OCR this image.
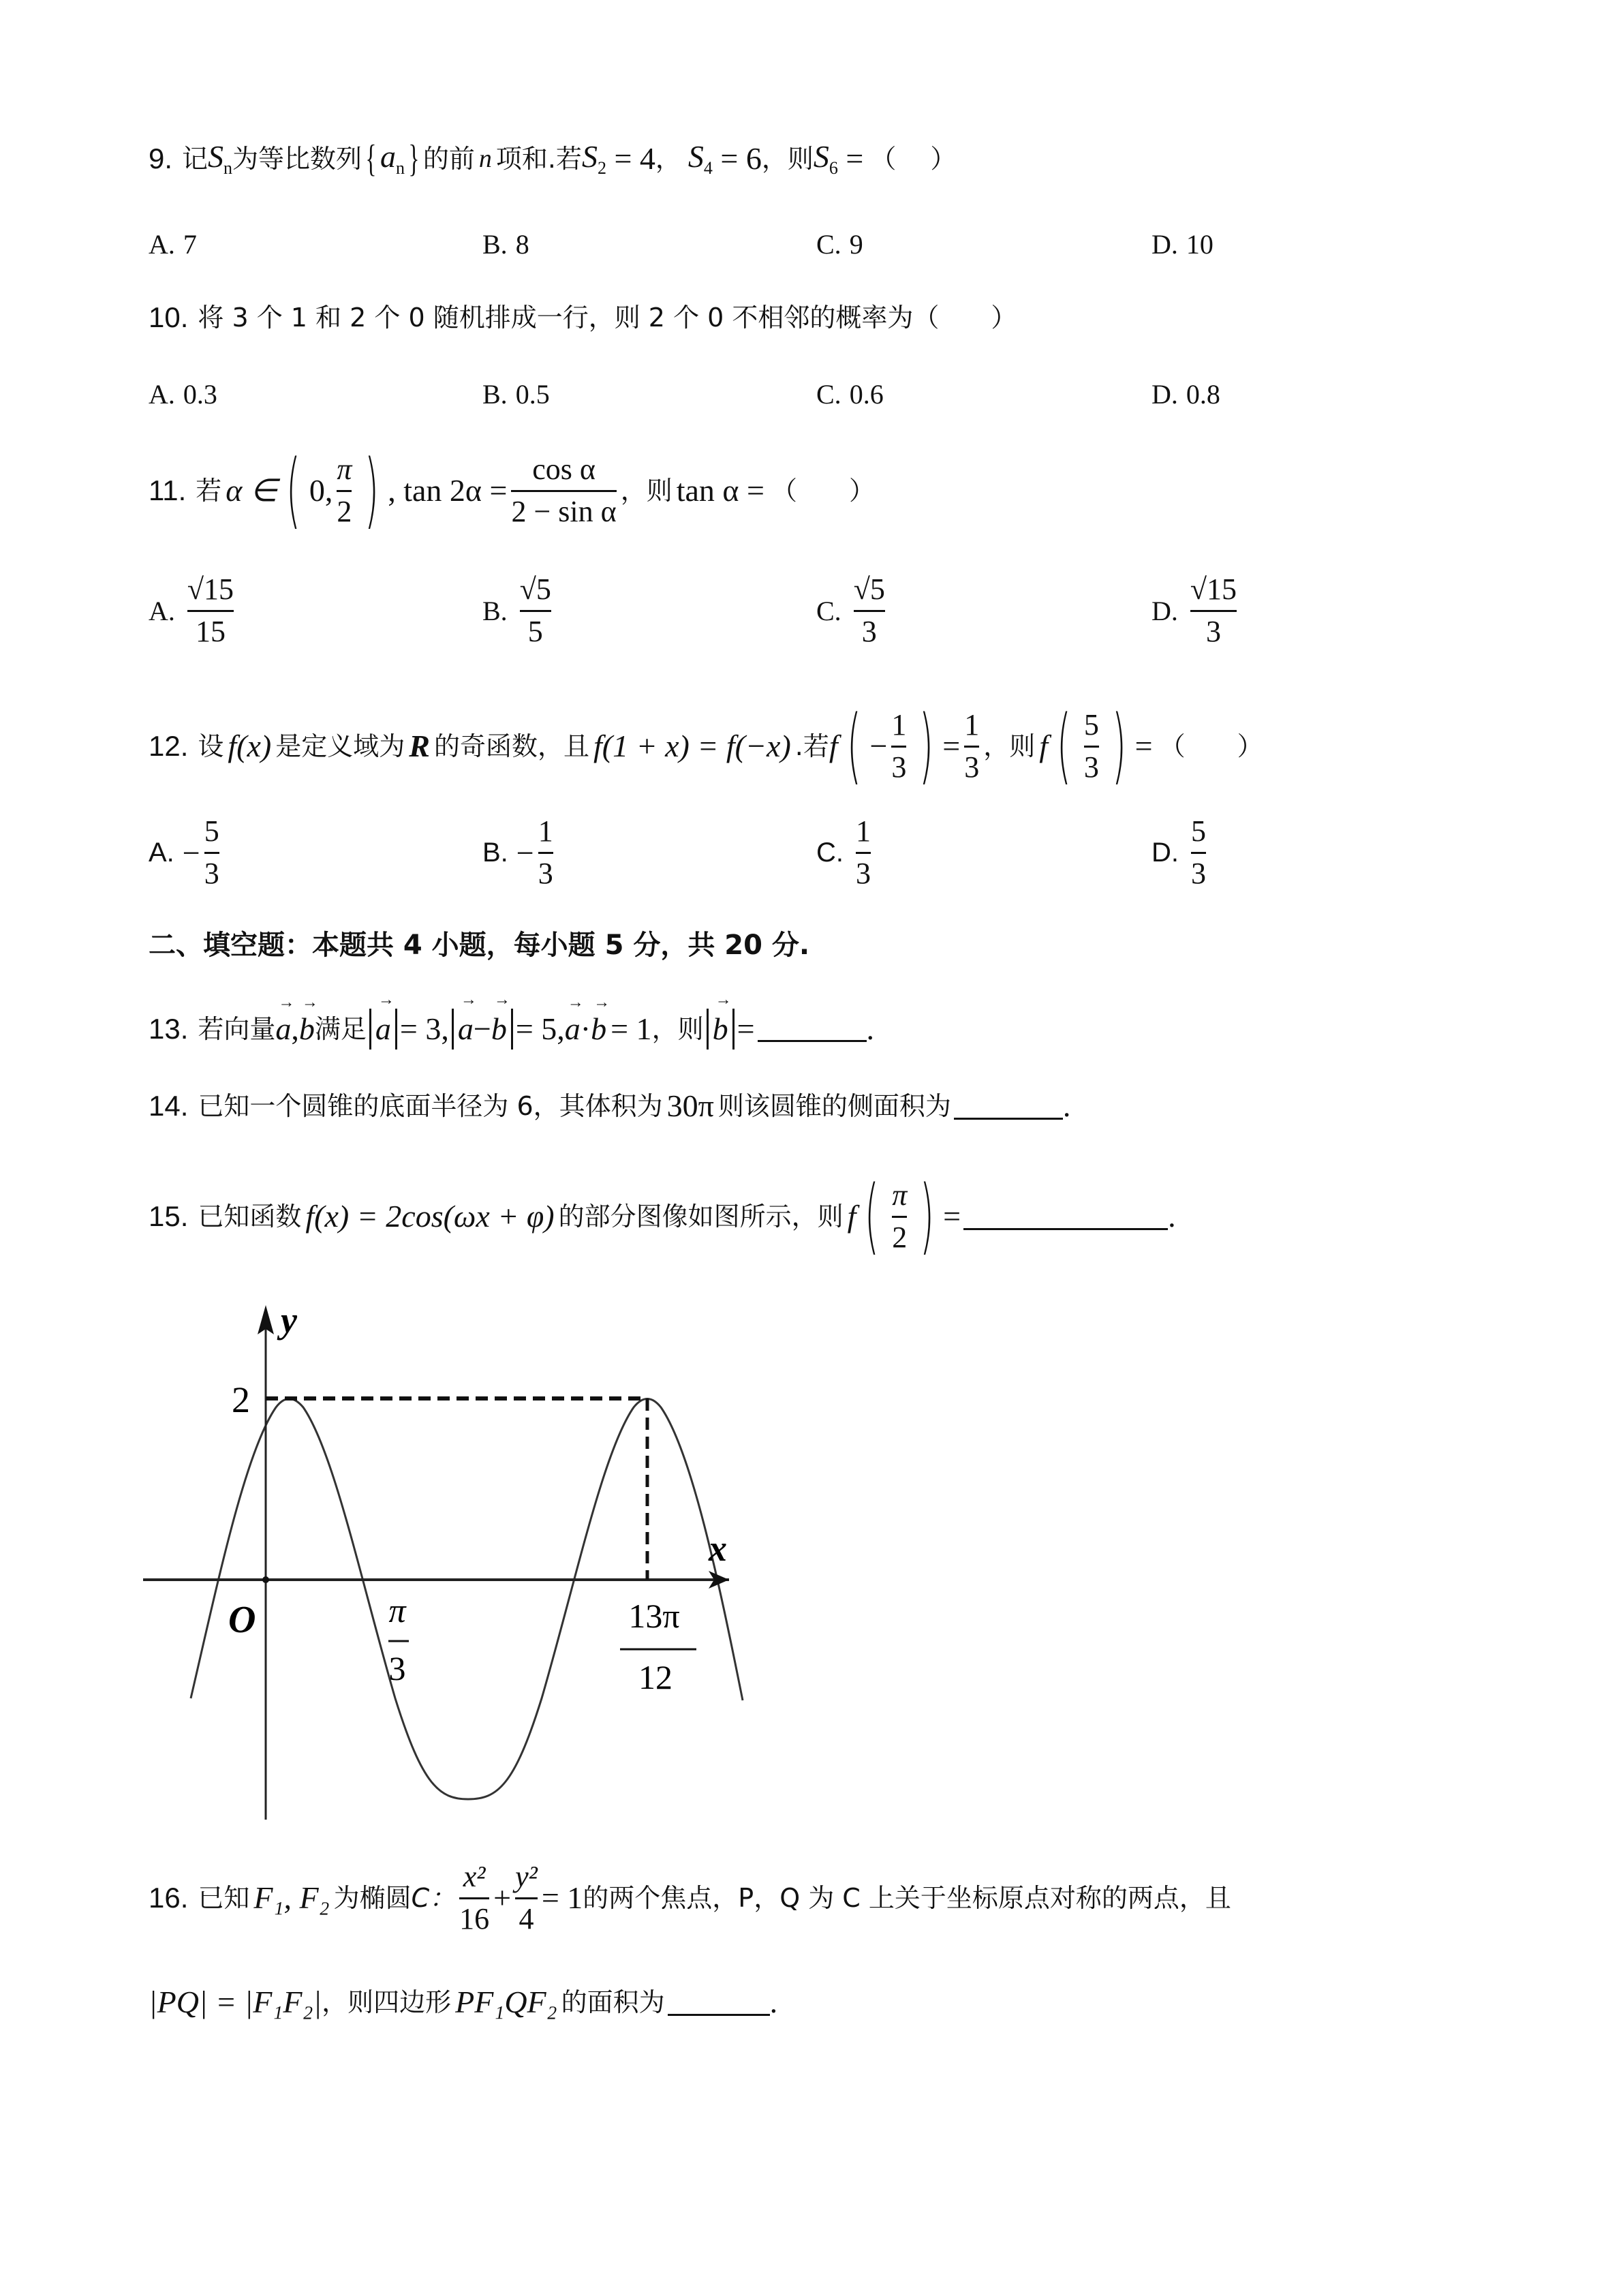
9. 记 $S_n$ 为等比数列 { $a_n$ } 的前 n 项和.若 $S_2 = 4$ ， $S_4 = 6$ ，则 $S_6$ = （ ）
A. 7	B. 8	C. 9	D. 10
10. 将 3 个 1 和 2 个 0 随机排成一行，则 2 个 0 不相邻的概率为（　　）
A. 0.3	B. 0.5	C. 0.6	D. 0.8
11. 若 α ∈ ( 0, $\frac{\pi}{2}$ ) , $\tan 2\alpha = \frac{\text{cos α}}{\text{2 − sin α}}$ ，则 tan α = （　　）
A. $\frac{√15}{15}$	B. $\frac{√5}{5}$	C. $\frac{√5}{3}$	D. $\frac{√15}{3}$
12. 设 f(x) 是定义域为 R 的奇函数，且 f(1 + x) = f(−x) .若 f ( − $\frac{1}{3}$ ) = $\frac{1}{3}$ ，则 f ( $\frac{5}{3}$ ) = （　　）
A. − $\frac{5}{3}$	B. − $\frac{1}{3}$	C. $\frac{1}{3}$	D. $\frac{5}{3}$
二、填空题：本题共 4 小题，每小题 5 分，共 20 分.
13. 若向量 → a , → b 满足 → a = 3, → a−→ b = 5, → a · → b = 1 ，则 → b =	.
14. 已知一个圆锥的底面半径为 6，其体积为 30π 则该圆锥的侧面积为	.
15. 已知函数 f(x) = 2cos(ωx + φ) 的部分图像如图所示，则 f ( $\frac{\pi}{2}$ ) =	.
y
x
2
O	π
3
13π
12
16. 已知 F₁, F₂ 为椭圆 C： $\frac{\text{x²}}{16} + \frac{\text{y²}}{4} = 1$ 的两个焦点，P，Q 为 C 上关于坐标原点对称的两点，且
|PQ| = |F₁F₂| ，则四边形 PF₁QF₂ 的面积为	.
